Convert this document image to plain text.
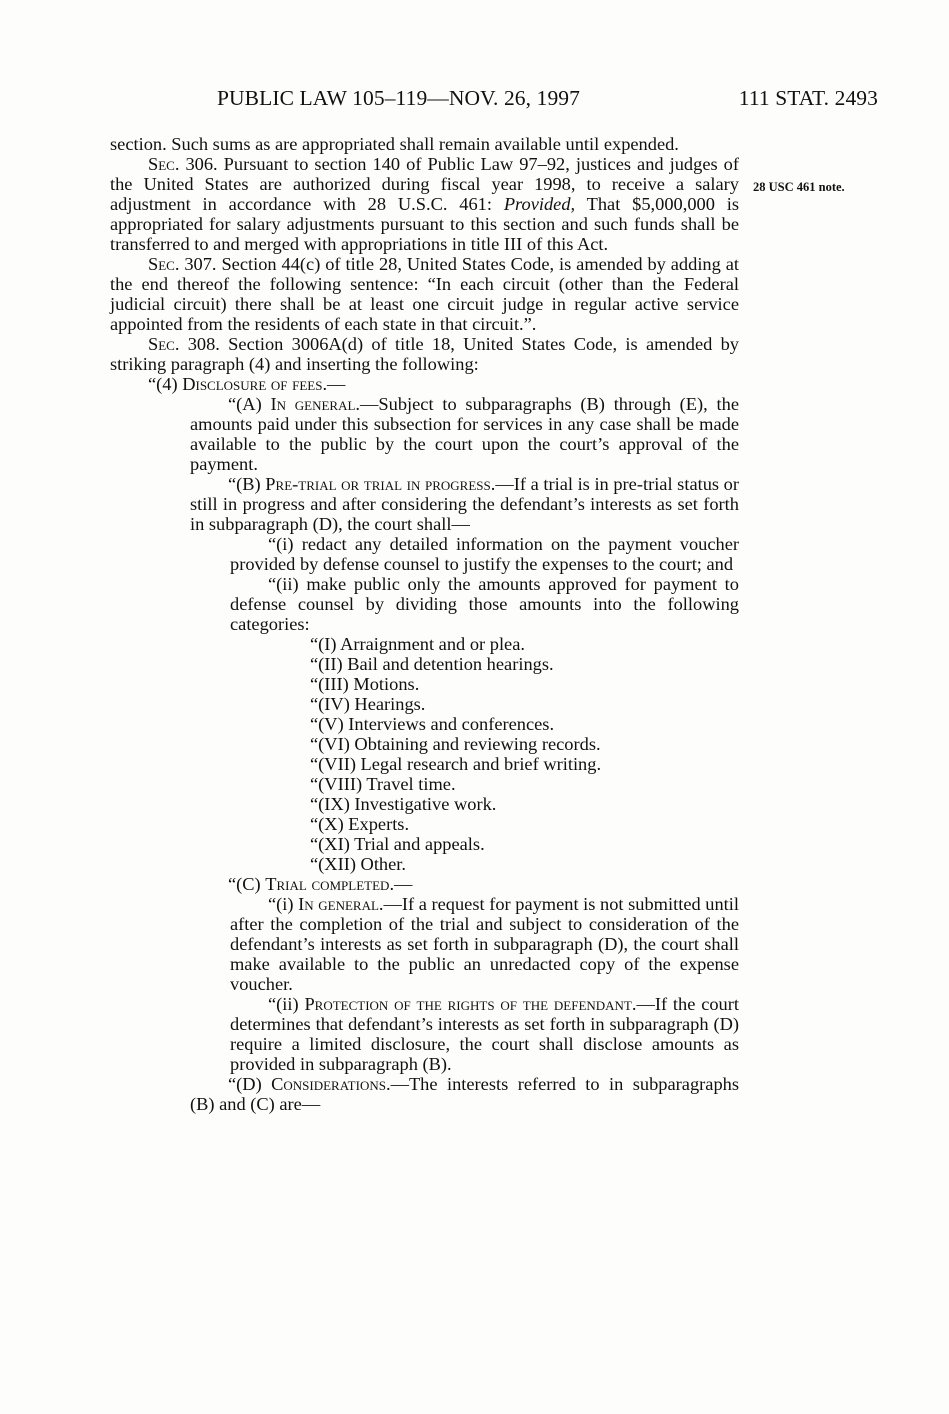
PUBLIC LAW 105–119—NOV. 26, 1997	111 STAT. 2493
28 USC 461 note.

section. Such sums as are appropriated shall remain available until expended.

Sec. 306. Pursuant to section 140 of Public Law 97–92, justices and judges of the United States are authorized during fiscal year 1998, to receive a salary adjustment in accordance with 28 U.S.C. 461: Provided, That $5,000,000 is appropriated for salary adjustments pursuant to this section and such funds shall be transferred to and merged with appropriations in title III of this Act.

Sec. 307. Section 44(c) of title 28, United States Code, is amended by adding at the end thereof the following sentence: “In each circuit (other than the Federal judicial circuit) there shall be at least one circuit judge in regular active service appointed from the residents of each state in that circuit.”.

Sec. 308. Section 3006A(d) of title 18, United States Code, is amended by striking paragraph (4) and inserting the following:

“(4) Disclosure of fees.—

“(A) In general.—Subject to subparagraphs (B) through (E), the amounts paid under this subsection for services in any case shall be made available to the public by the court upon the court’s approval of the payment.

“(B) Pre-trial or trial in progress.—If a trial is in pre-trial status or still in progress and after considering the defendant’s interests as set forth in subparagraph (D), the court shall—

“(i) redact any detailed information on the payment voucher provided by defense counsel to justify the expenses to the court; and

“(ii) make public only the amounts approved for payment to defense counsel by dividing those amounts into the following categories:

“(I) Arraignment and or plea.

“(II) Bail and detention hearings.

“(III) Motions.

“(IV) Hearings.

“(V) Interviews and conferences.

“(VI) Obtaining and reviewing records.

“(VII) Legal research and brief writing.

“(VIII) Travel time.

“(IX) Investigative work.

“(X) Experts.

“(XI) Trial and appeals.

“(XII) Other.

“(C) Trial completed.—

“(i) In general.—If a request for payment is not submitted until after the completion of the trial and subject to consideration of the defendant’s interests as set forth in subparagraph (D), the court shall make available to the public an unredacted copy of the expense voucher.

“(ii) Protection of the rights of the defendant.—If the court determines that defendant’s interests as set forth in subparagraph (D) require a limited disclosure, the court shall disclose amounts as provided in subparagraph (B).

“(D) Considerations.—The interests referred to in subparagraphs (B) and (C) are—
